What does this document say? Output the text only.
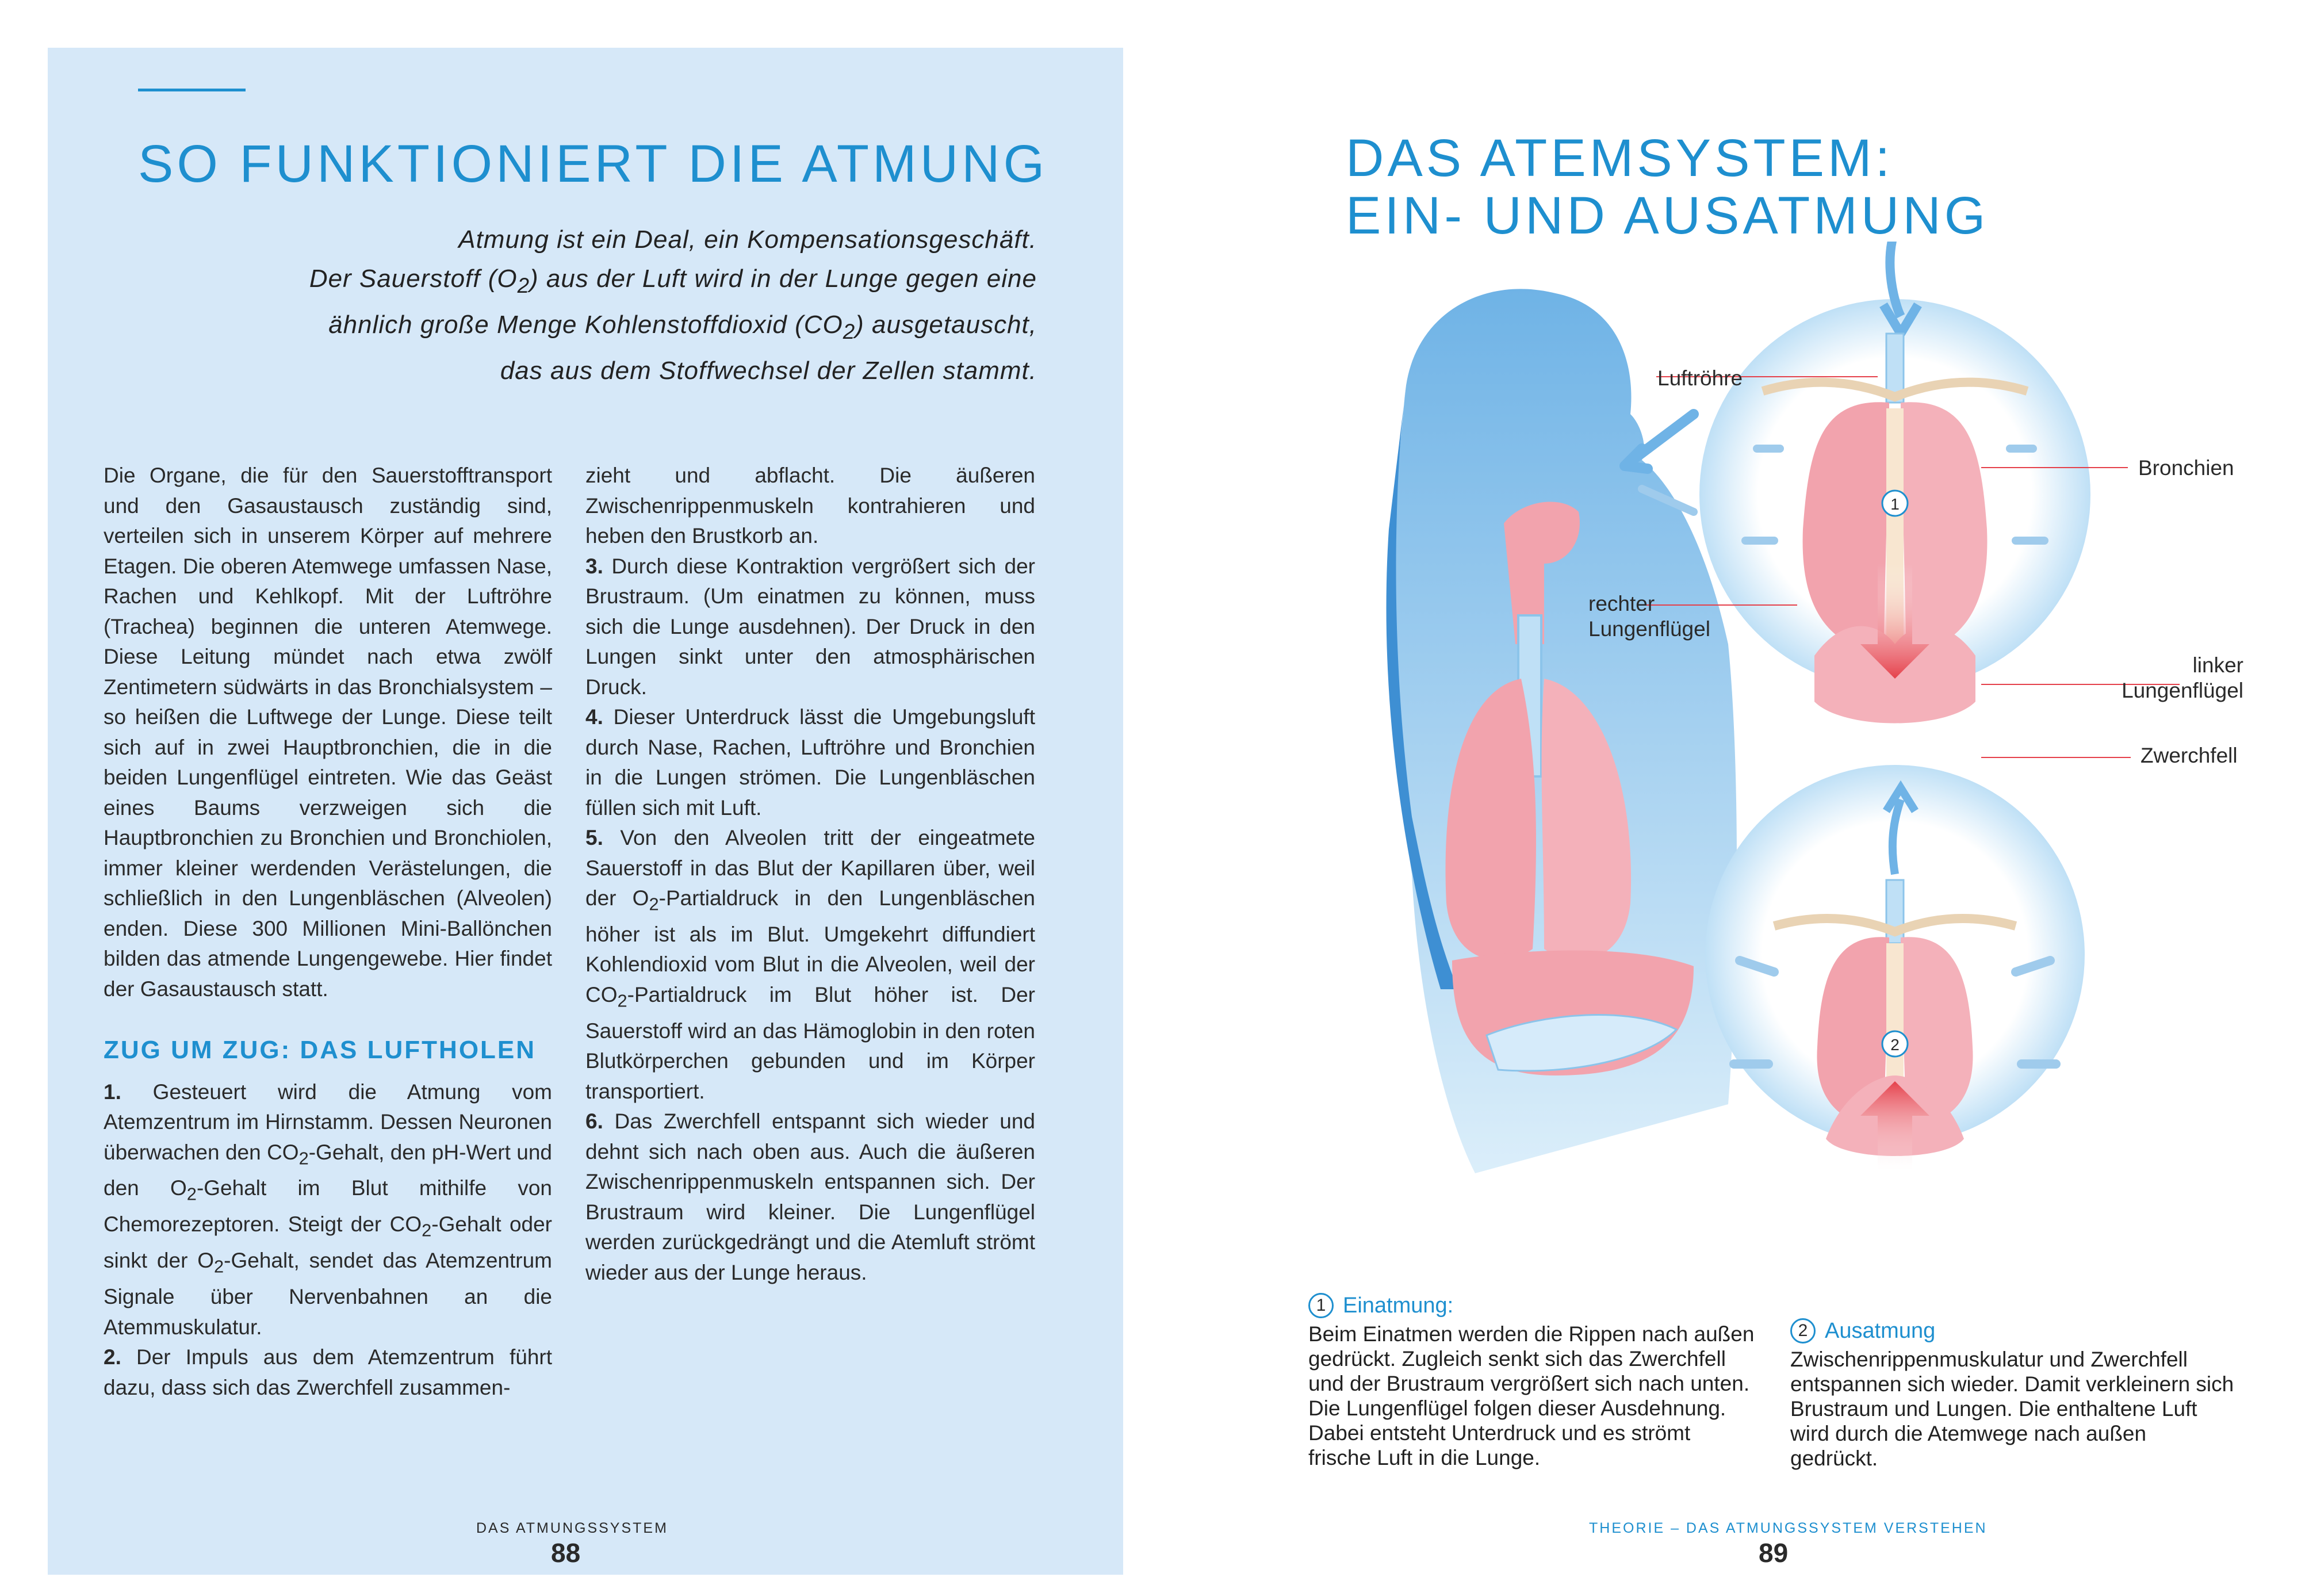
SO FUNKTIONIERT DIE ATMUNG
Atmung ist ein Deal, ein Kompensationsgeschäft.
Der Sauerstoff $(O_2)$ aus der Luft wird in der Lunge gegen eine
ähnlich große Menge Kohlenstoffdioxid $(CO_2)$ ausgetauscht,
das aus dem Stoffwechsel der Zellen stammt.

Die Organe, die für den Sauerstofftransport und den Gasaustausch zuständig sind, verteilen sich in unserem Körper auf mehrere Etagen. Die oberen Atemwege umfassen Nase, Rachen und Kehlkopf. Mit der Luftröhre (Trachea) beginnen die unteren Atemwege. Diese Leitung mündet nach etwa zwölf Zentimetern südwärts in das Bronchialsystem – so heißen die Luftwege der Lunge. Diese teilt sich auf in zwei Hauptbronchien, die in die beiden Lungenflügel eintreten. Wie das Geäst eines Baums verzweigen sich die Hauptbronchien zu Bronchien und Bronchiolen, immer kleiner werdenden Verästelungen, die schließlich in den Lungenbläschen (Alveolen) enden. Diese 300 Millionen Mini-Ballönchen bilden das atmende Lungengewebe. Hier findet der Gasaustausch statt.

ZUG UM ZUG: DAS LUFTHOLEN

1. Gesteuert wird die Atmung vom Atemzentrum im Hirnstamm. Dessen Neuronen überwachen den $CO_2$-Gehalt, den pH-Wert und den $O_2$-Gehalt im Blut mithilfe von Chemorezeptoren. Steigt der $CO_2$-Gehalt oder sinkt der $O_2$-Gehalt, sendet das Atemzentrum Signale über Nervenbahnen an die Atemmuskulatur.

2. Der Impuls aus dem Atemzentrum führt dazu, dass sich das Zwerchfell zusammen-

zieht und abflacht. Die äußeren Zwischenrippenmuskeln kontrahieren und heben den Brustkorb an.

3. Durch diese Kontraktion vergrößert sich der Brustraum. (Um einatmen zu können, muss sich die Lunge ausdehnen). Der Druck in den Lungen sinkt unter den atmosphärischen Druck.

4. Dieser Unterdruck lässt die Umgebungsluft durch Nase, Rachen, Luftröhre und Bronchien in die Lungen strömen. Die Lungenbläschen füllen sich mit Luft.

5. Von den Alveolen tritt der eingeatmete Sauerstoff in das Blut der Kapillaren über, weil der $O_2$-Partialdruck in den Lungenbläschen höher ist als im Blut. Umgekehrt diffundiert Kohlendioxid vom Blut in die Alveolen, weil der $CO_2$-Partialdruck im Blut höher ist. Der Sauerstoff wird an das Hämoglobin in den roten Blutkörperchen gebunden und im Körper transportiert.

6. Das Zwerchfell entspannt sich wieder und dehnt sich nach oben aus. Auch die äußeren Zwischenrippenmuskeln entspannen sich. Der Brustraum wird kleiner. Die Lungenflügel werden zurückgedrängt und die Atemluft strömt wieder aus der Lunge heraus.

DAS ATMUNGSSYSTEM
88
DAS ATEMSYSTEM:
EIN- UND AUSATMUNG
1
2
Luftröhre
Bronchien
rechter
Lungenflügel
linker
Lungenflügel
Zwerchfell
1 Einatmung:
Beim Einatmen werden die Rippen nach außen gedrückt. Zugleich senkt sich das Zwerchfell und der Brustraum vergrößert sich nach unten. Die Lungenflügel folgen dieser Ausdehnung. Dabei entsteht Unterdruck und es strömt frische Luft in die Lunge.
2 Ausatmung
Zwischenrippenmuskulatur und Zwerchfell entspannen sich wieder. Damit verkleinern sich Brustraum und Lungen. Die enthaltene Luft wird durch die Atemwege nach außen gedrückt.
THEORIE – DAS ATMUNGSSYSTEM VERSTEHEN
89
